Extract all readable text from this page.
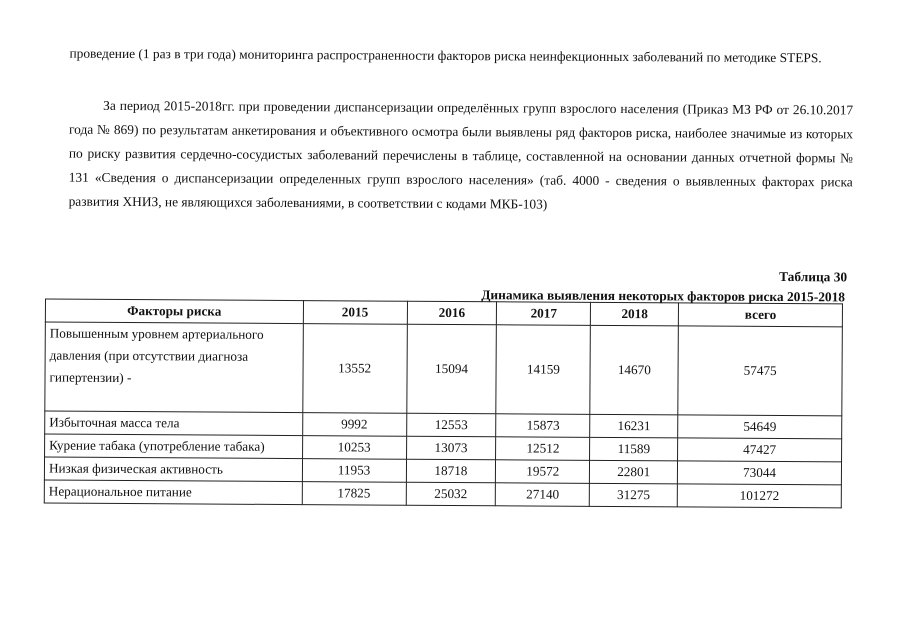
проведение (1 раз в три года) мониторинга распространенности факторов риска неинфекционных заболеваний по методике STEPS.

За период 2015-2018гг. при проведении диспансеризации определённых групп взрослого населения (Приказ МЗ РФ от 26.10.2017 года № 869) по результатам анкетирования и объективного осмотра были выявлены ряд факторов риска, наиболее значимые из которых по риску развития сердечно-сосудистых заболеваний перечислены в таблице, составленной на основании данных отчетной формы № 131 «Сведения о диспансеризации определенных групп взрослого населения» (таб. 4000 - сведения о выявленных факторах риска развития ХНИЗ, не являющихся заболеваниями, в соответствии с кодами МКБ-103)

Таблица 30
Динамика выявления некоторых факторов риска 2015-2018
Факторы риска	2015	2016	2017	2018	всего
Повышенным уровнем артериального давления (при отсутствии диагноза гипертензии) -	13552	15094	14159	14670	57475
Избыточная масса тела	9992	12553	15873	16231	54649
Курение табака (употребление табака)	10253	13073	12512	11589	47427
Низкая физическая активность	11953	18718	19572	22801	73044
Нерациональное питание	17825	25032	27140	31275	101272
